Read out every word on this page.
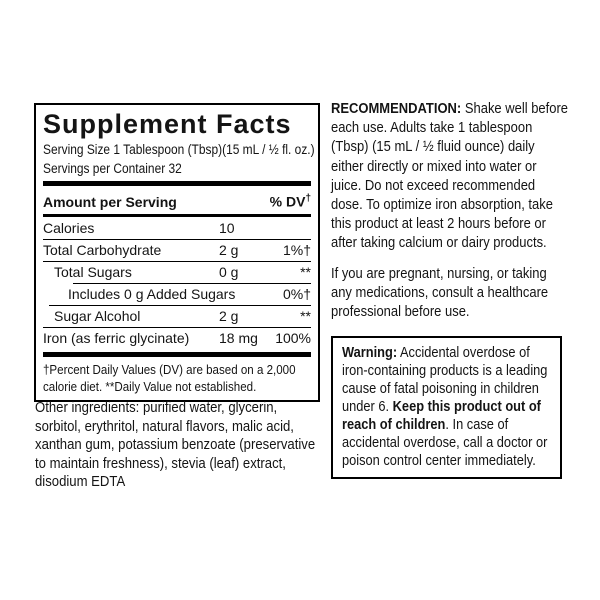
Supplement Facts
Serving Size 1 Tablespoon (Tbsp)(15 mL / ½ fl. oz.)
Servings per Container 32
Amount per Serving	% DV†
Calories	10
Total Carbohydrate	2 g	1%†
Total Sugars	0 g	**
Includes 0 g Added Sugars	0%†
Sugar Alcohol	2 g	**
Iron (as ferric glycinate) 18 mg 100%
†Percent Daily Values (DV) are based on a 2,000 calorie diet. **Daily Value not established.
Other ingredients: purified water, glycerin, sorbitol, erythritol, natural flavors, malic acid, xanthan gum, potassium benzoate (preservative to maintain freshness), stevia (leaf) extract, disodium EDTA

RECOMMENDATION: Shake well before each use. Adults take 1 tablespoon (Tbsp) (15 mL / ½ fluid ounce) daily either directly or mixed into water or juice. Do not exceed recommended dose. To optimize iron absorption, take this product at least 2 hours before or after taking calcium or dairy products.

If you are pregnant, nursing, or taking any medications, consult a healthcare professional before use.

Warning: Accidental overdose of iron-containing products is a leading cause of fatal poisoning in children under 6. Keep this product out of reach of children. In case of accidental overdose, call a doctor or poison control center immediately.
